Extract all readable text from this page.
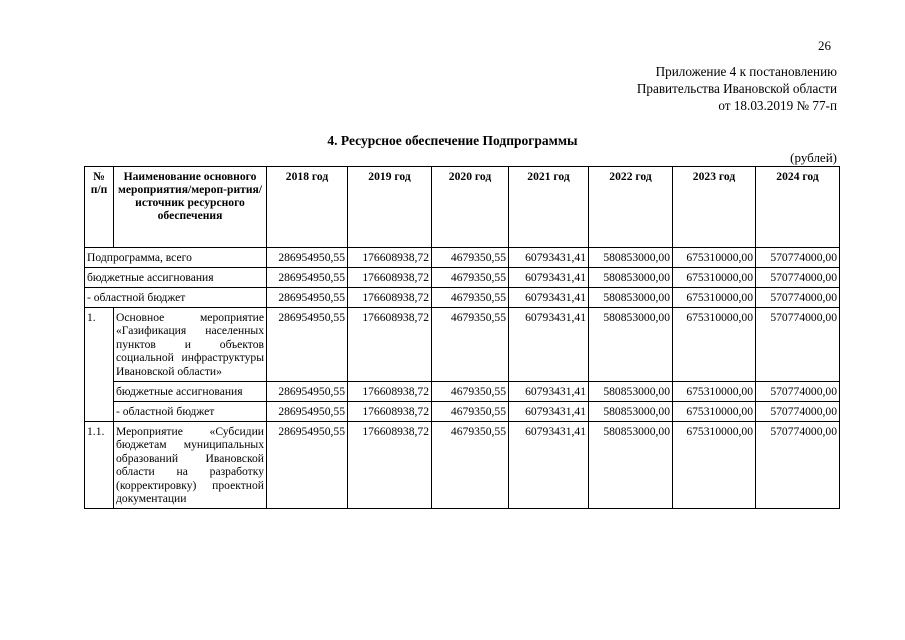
26
Приложение 4 к постановлению
Правительства Ивановской области
от 18.03.2019 № 77-п
4. Ресурсное обеспечение Подпрограммы
(рублей)
№ п/п	Наименование основного мероприятия/мероп-рития/источник ресурсного обеспечения	2018 год	2019 год	2020 год	2021 год	2022 год	2023 год	2024 год
Подпрограмма, всего		286954950,55	176608938,72	4679350,55	60793431,41	580853000,00	675310000,00	570774000,00
бюджетные ассигнования		286954950,55	176608938,72	4679350,55	60793431,41	580853000,00	675310000,00	570774000,00
- областной бюджет		286954950,55	176608938,72	4679350,55	60793431,41	580853000,00	675310000,00	570774000,00
1.	Основное мероприятие «Газификация населенных пунктов и объектов социальной инфраструктуры Ивановской области»	286954950,55	176608938,72	4679350,55	60793431,41	580853000,00	675310000,00	570774000,00
	бюджетные ассигнования	286954950,55	176608938,72	4679350,55	60793431,41	580853000,00	675310000,00	570774000,00
	- областной бюджет	286954950,55	176608938,72	4679350,55	60793431,41	580853000,00	675310000,00	570774000,00
1.1.	Мероприятие «Субсидии бюджетам муниципальных образований Ивановской области на разработку (корректировку) проектной документации	286954950,55	176608938,72	4679350,55	60793431,41	580853000,00	675310000,00	570774000,00
